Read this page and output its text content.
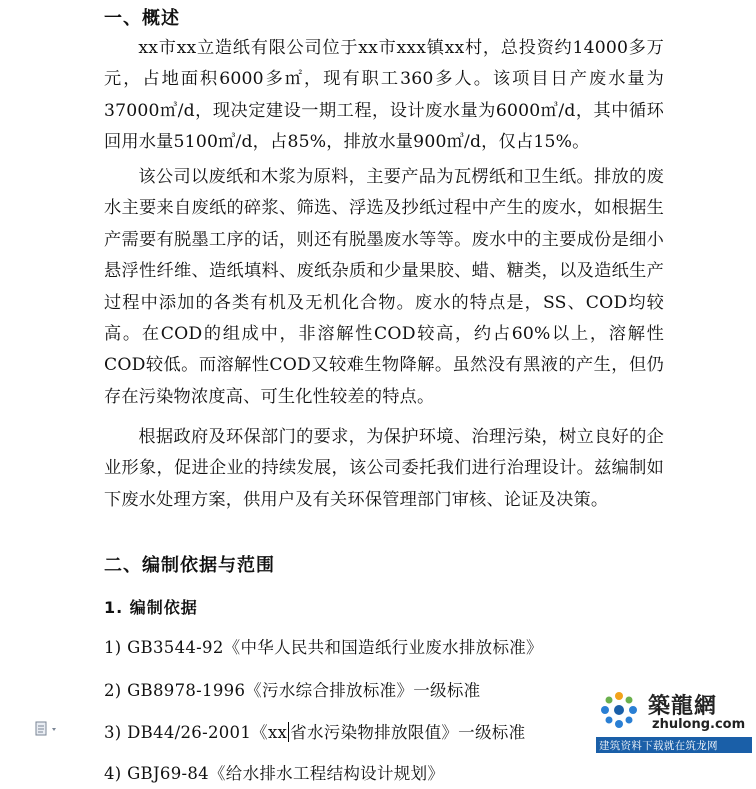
一、概述

xx市xx立造纸有限公司位于xx市xxx镇xx村，总投资约14000多万元，占地面积6000多㎡，现有职工360多人。该项目日产废水量为37000㎥/d，现决定建设一期工程，设计废水量为6000㎥/d，其中循环回用水量5100㎥/d，占85%，排放水量900㎥/d，仅占15%。

该公司以废纸和木浆为原料，主要产品为瓦楞纸和卫生纸。排放的废水主要来自废纸的碎浆、筛选、浮选及抄纸过程中产生的废水，如根据生产需要有脱墨工序的话，则还有脱墨废水等等。废水中的主要成份是细小悬浮性纤维、造纸填料、废纸杂质和少量果胶、蜡、糖类，以及造纸生产过程中添加的各类有机及无机化合物。废水的特点是，SS、COD均较高。在COD的组成中，非溶解性COD较高，约占60%以上，溶解性COD较低。而溶解性COD又较难生物降解。虽然没有黑液的产生，但仍存在污染物浓度高、可生化性较差的特点。

根据政府及环保部门的要求，为保护环境、治理污染，树立良好的企业形象，促进企业的持续发展，该公司委托我们进行治理设计。兹编制如下废水处理方案，供用户及有关环保管理部门审核、论证及决策。

二、编制依据与范围
1. 编制依据
1) GB3544-92《中华人民共和国造纸行业废水排放标准》
2) GB8978-1996《污水综合排放标准》一级标准
3) DB44/26-2001《xx 省水污染物排放限值》一级标准
4) GBJ69-84《给水排水工程结构设计规划》
築龍網
zhulong.com
建筑资料下载就在筑龙网
